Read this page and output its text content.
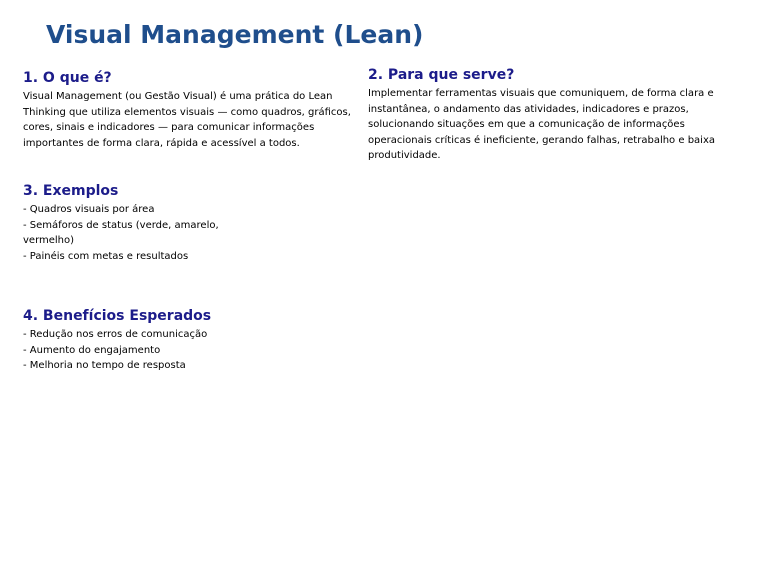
Visual Management (Lean)
1. O que é?

Visual Management (ou Gestão Visual) é uma prática do Lean Thinking que utiliza elementos visuais — como quadros, gráficos, cores, sinais e indicadores — para comunicar informações importantes de forma clara, rápida e acessível a todos.

2. Para que serve?

Implementar ferramentas visuais que comuniquem, de forma clara e instantânea, o andamento das atividades, indicadores e prazos, solucionando situações em que a comunicação de informações operacionais críticas é ineficiente, gerando falhas, retrabalho e baixa produtividade.

3. Exemplos
- Quadros visuais por área
- Semáforos de status (verde, amarelo, vermelho)
- Painéis com metas e resultados
4. Benefícios Esperados
- Redução nos erros de comunicação
- Aumento do engajamento
- Melhoria no tempo de resposta
